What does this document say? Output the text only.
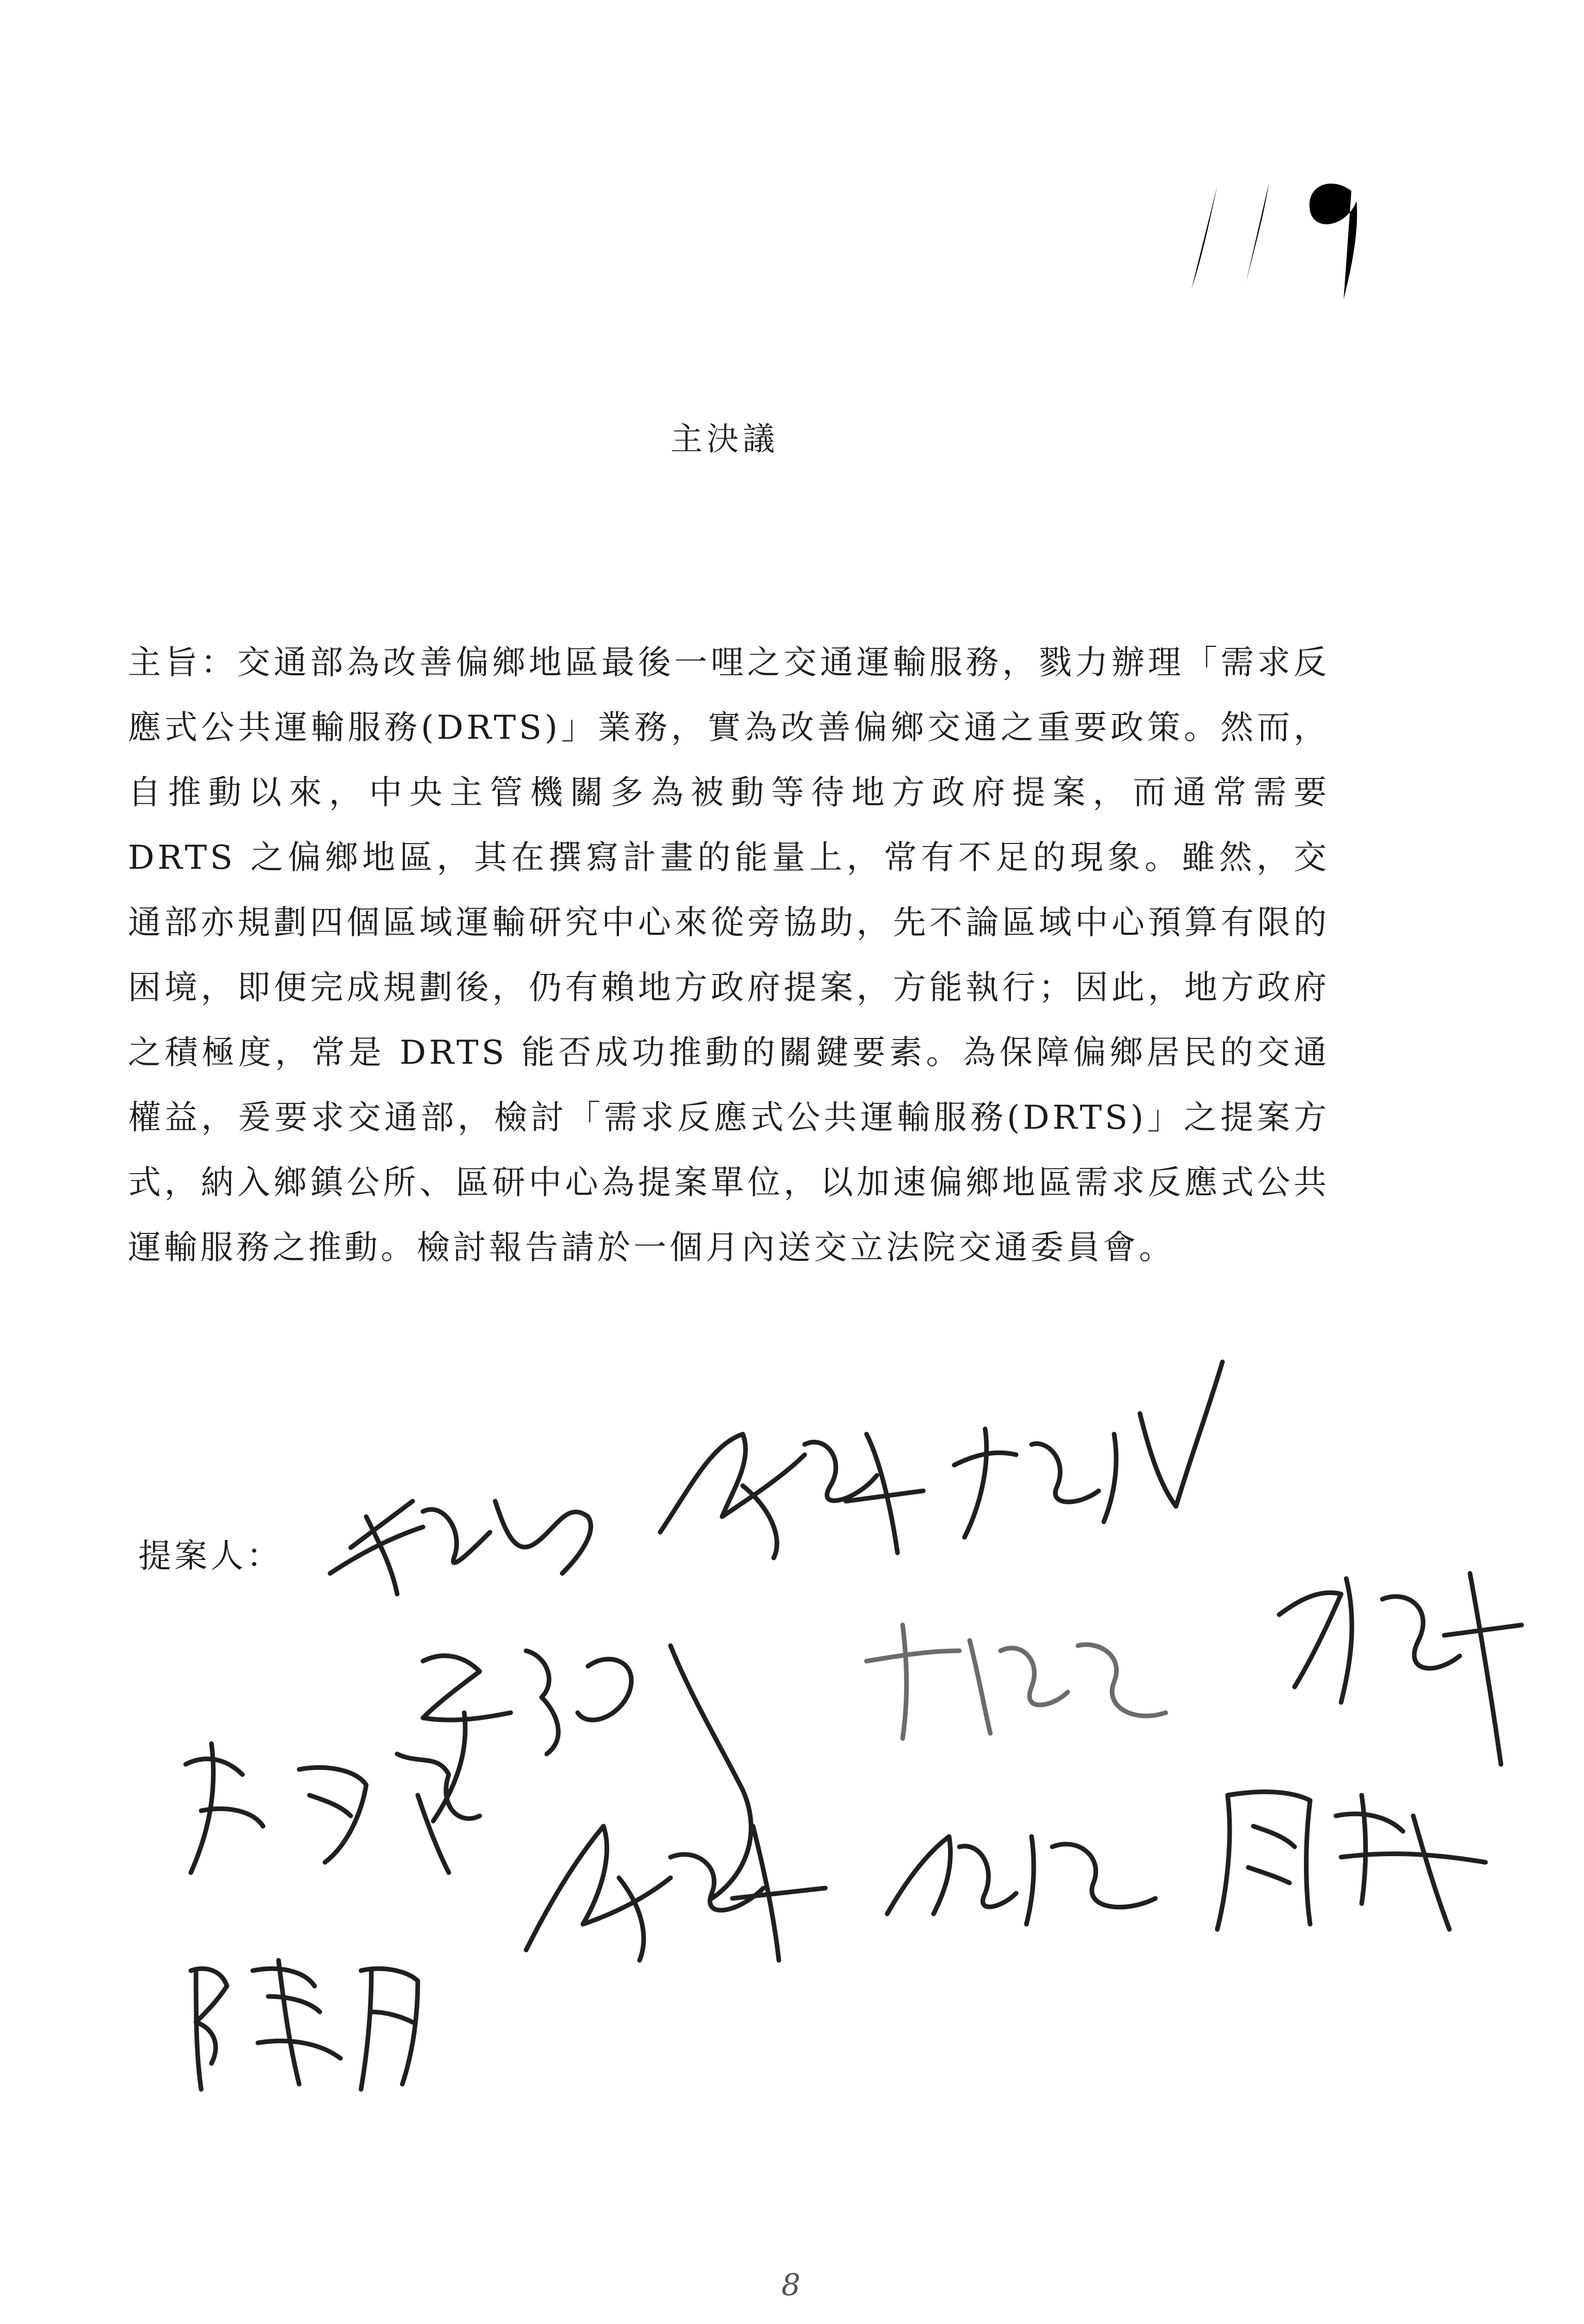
主決議

主旨：交通部為改善偏鄉地區最後一哩之交通運輸服務，戮力辦理「需求反應式公共運輸服務(DRTS)」業務，實為改善偏鄉交通之重要政策。然而，自推動以來，中央主管機關多為被動等待地方政府提案，而通常需要 DRTS 之偏鄉地區，其在撰寫計畫的能量上，常有不足的現象。雖然，交通部亦規劃四個區域運輸研究中心來從旁協助，先不論區域中心預算有限的困境，即便完成規劃後，仍有賴地方政府提案，方能執行；因此，地方政府之積極度，常是 DRTS 能否成功推動的關鍵要素。為保障偏鄉居民的交通權益，爰要求交通部，檢討「需求反應式公共運輸服務(DRTS)」之提案方式，納入鄉鎮公所、區研中心為提案單位，以加速偏鄉地區需求反應式公共運輸服務之推動。檢討報告請於一個月內送交立法院交通委員會。

提案人：
8
